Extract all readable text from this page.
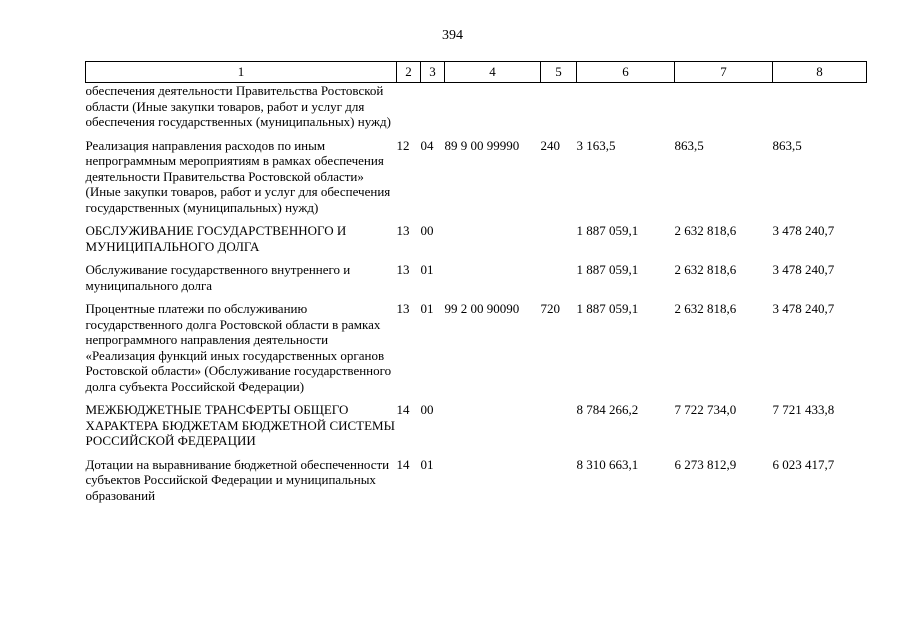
394
1	2	3	4	5	6	7	8
обеспечения деятельности Правительства Ростовской области (Иные закупки товаров, работ и услуг для обеспечения государственных (муниципальных) нужд)							
Реализация направления расходов по иным непрограммным мероприятиям в рамках обеспечения деятельности Правительства Ростовской области» (Иные закупки товаров, работ и услуг для обеспечения государственных (муниципальных) нужд)	12	04	89 9 00 99990	240	3 163,5	863,5	863,5
ОБСЛУЖИВАНИЕ ГОСУДАРСТВЕННОГО И МУНИЦИПАЛЬНОГО ДОЛГА	13	00			1 887 059,1	2 632 818,6	3 478 240,7
Обслуживание государственного внутреннего и муниципального долга	13	01			1 887 059,1	2 632 818,6	3 478 240,7
Процентные платежи по обслуживанию государственного долга Ростовской области в рамках непрограммного направления деятельности «Реализация функций иных государственных органов Ростовской области» (Обслуживание государственного долга субъекта Российской Федерации)	13	01	99 2 00 90090	720	1 887 059,1	2 632 818,6	3 478 240,7
МЕЖБЮДЖЕТНЫЕ ТРАНСФЕРТЫ ОБЩЕГО ХАРАКТЕРА БЮДЖЕТАМ БЮДЖЕТНОЙ СИСТЕМЫ РОССИЙСКОЙ ФЕДЕРАЦИИ	14	00			8 784 266,2	7 722 734,0	7 721 433,8
Дотации на выравнивание бюджетной обеспеченности субъектов Российской Федерации и муниципальных образований	14	01			8 310 663,1	6 273 812,9	6 023 417,7
